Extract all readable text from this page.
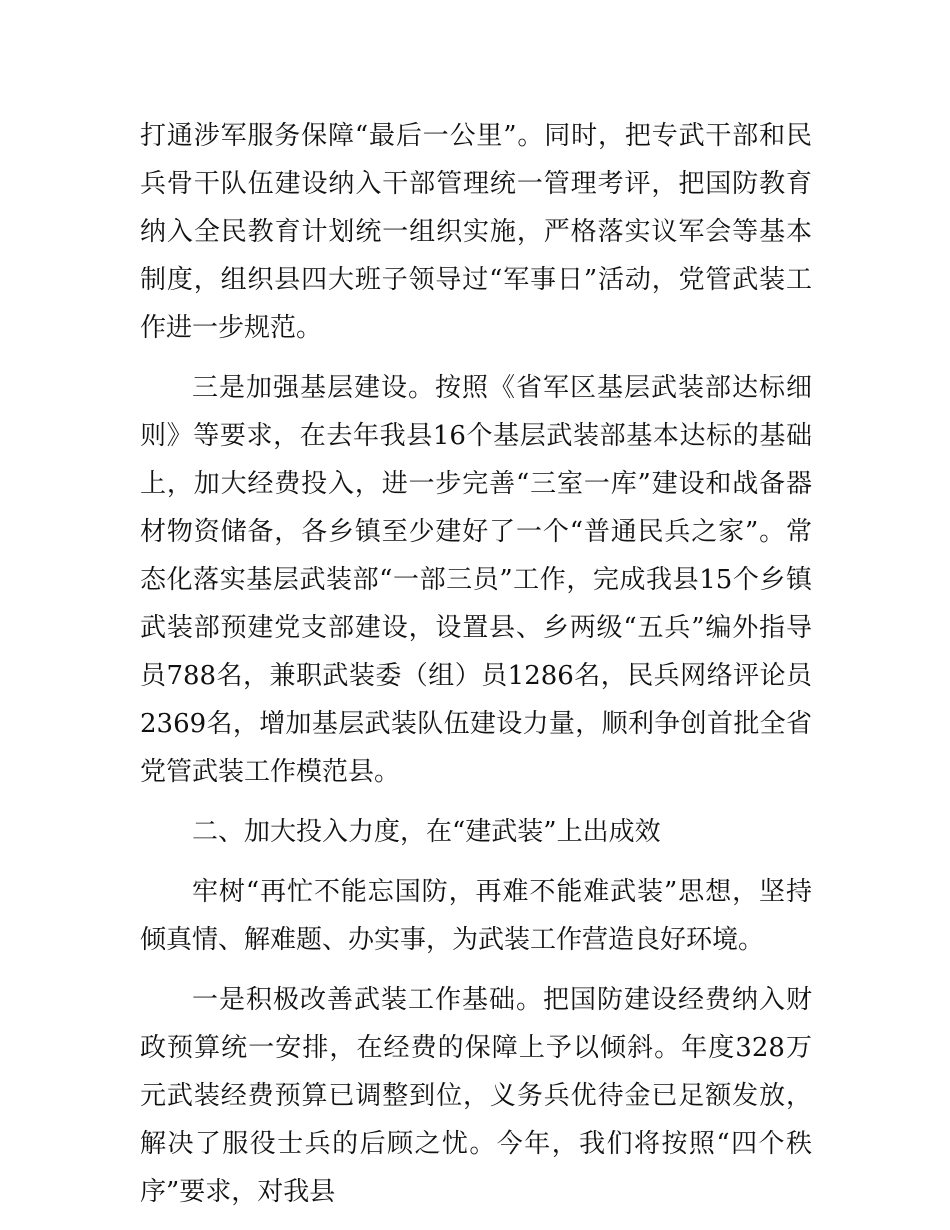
打通涉军服务保障“最后一公里”。同时，把专武干部和民兵骨干队伍建设纳入干部管理统一管理考评，把国防教育纳入全民教育计划统一组织实施，严格落实议军会等基本制度，组织县四大班子领导过“军事日”活动，党管武装工作进一步规范。

三是加强基层建设。按照《省军区基层武装部达标细则》等要求，在去年我县16个基层武装部基本达标的基础上，加大经费投入，进一步完善“三室一库”建设和战备器材物资储备，各乡镇至少建好了一个“普通民兵之家”。常态化落实基层武装部“一部三员”工作，完成我县15个乡镇武装部预建党支部建设，设置县、乡两级“五兵”编外指导员788名，兼职武装委（组）员1286名，民兵网络评论员2369名，增加基层武装队伍建设力量，顺利争创首批全省党管武装工作模范县。

二、加大投入力度，在“建武装”上出成效

牢树“再忙不能忘国防，再难不能难武装”思想，坚持倾真情、解难题、办实事，为武装工作营造良好环境。

一是积极改善武装工作基础。把国防建设经费纳入财政预算统一安排，在经费的保障上予以倾斜。年度328万元武装经费预算已调整到位，义务兵优待金已足额发放，解决了服役士兵的后顾之忧。今年，我们将按照“四个秩序”要求，对我县
